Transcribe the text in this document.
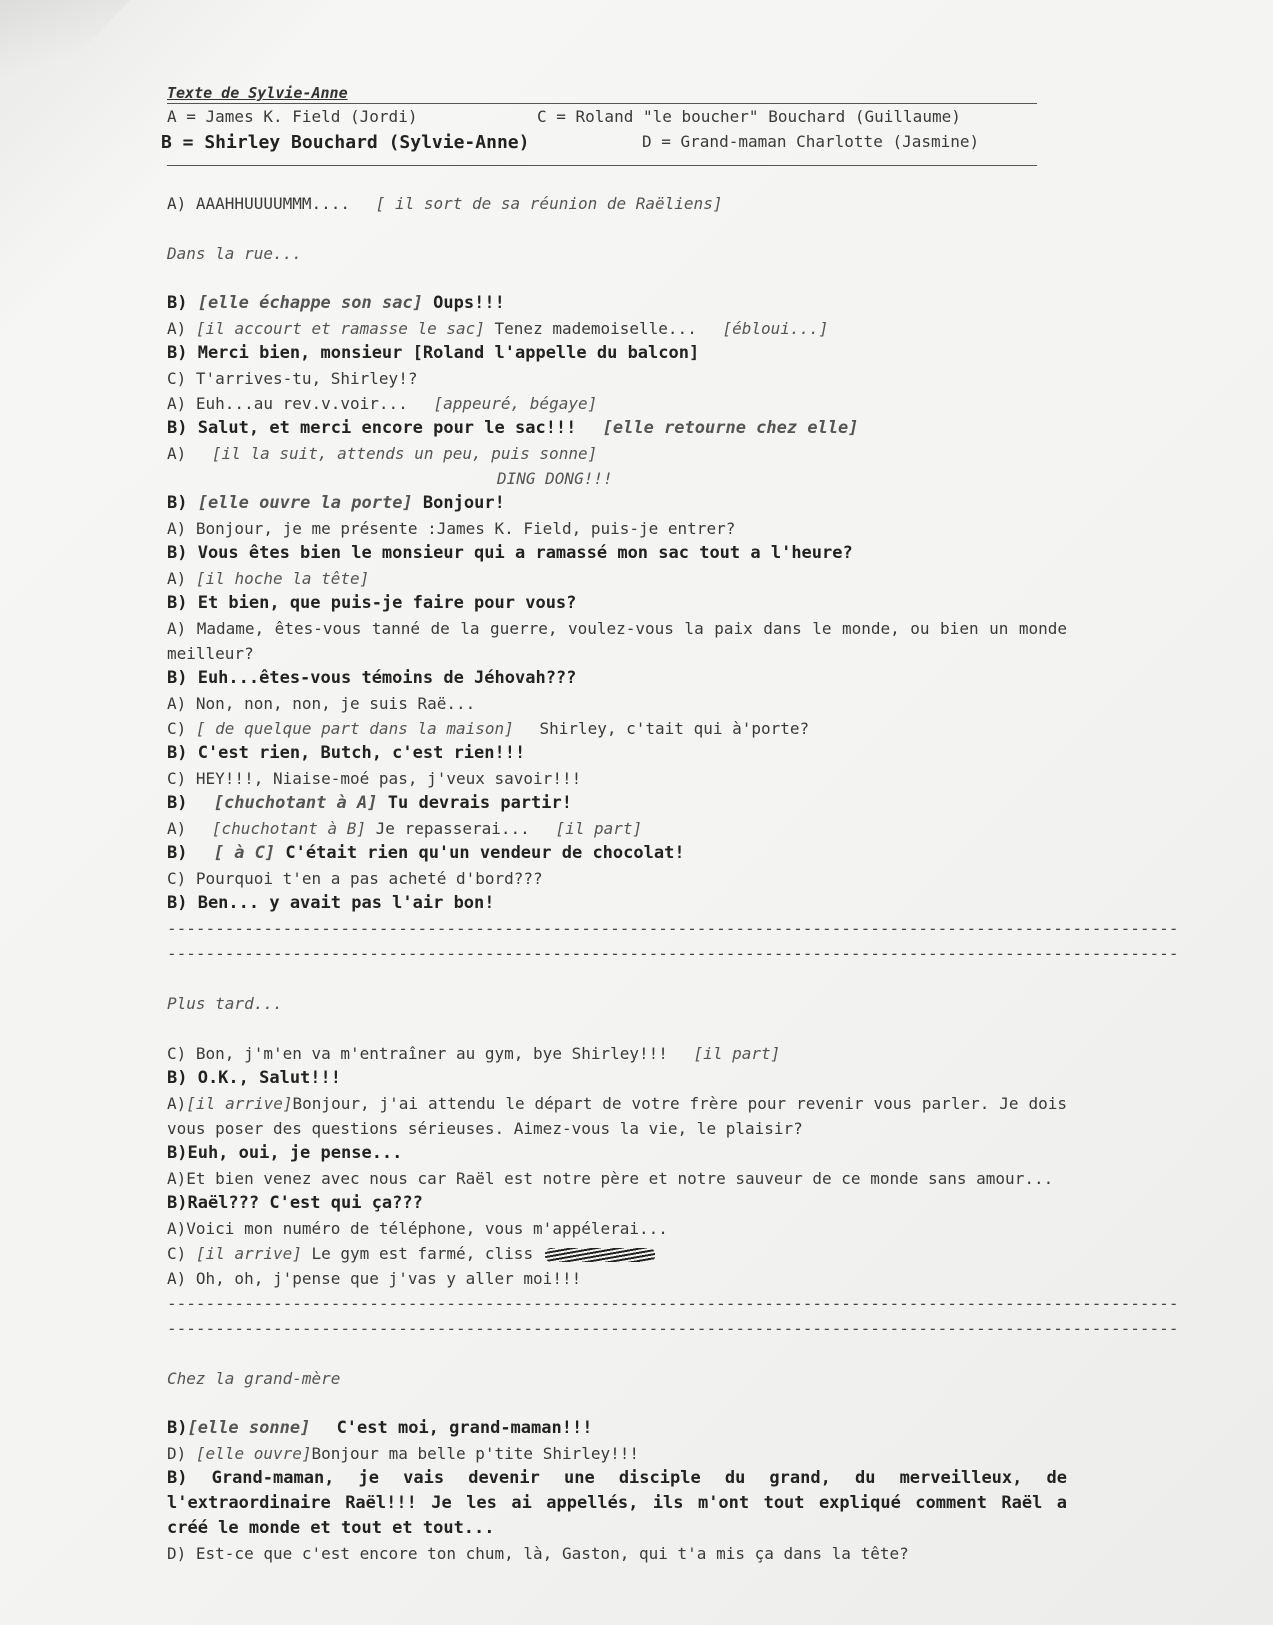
Texte de Sylvie-Anne
A = James K. Field (Jordi)	C = Roland "le boucher" Bouchard (Guillaume)
B = Shirley Bouchard (Sylvie-Anne)	D = Grand-maman Charlotte (Jasmine)
A) AAAHHUUUUMMM.... [ il sort de sa réunion de Raëliens]
Dans la rue...
B) [elle échappe son sac] Oups!!!
A) [il accourt et ramasse le sac] Tenez mademoiselle... [ébloui...]
B) Merci bien, monsieur [Roland l'appelle du balcon]
C) T'arrives-tu, Shirley!?
A) Euh...au rev.v.voir... [appeuré, bégaye]
B) Salut, et merci encore pour le sac!!! [elle retourne chez elle]
A) [il la suit, attends un peu, puis sonne]
DING DONG!!!
B) [elle ouvre la porte] Bonjour!
A) Bonjour, je me présente :James K. Field, puis-je entrer?
B) Vous êtes bien le monsieur qui a ramassé mon sac tout a l'heure?
A) [il hoche la tête]
B) Et bien, que puis-je faire pour vous?
A) Madame, êtes-vous tanné de la guerre, voulez-vous la paix dans le monde, ou bien un monde meilleur?
B) Euh...êtes-vous témoins de Jéhovah???
A) Non, non, non, je suis Raë...
C) [ de quelque part dans la maison] Shirley, c'tait qui à'porte?
B) C'est rien, Butch, c'est rien!!!
C) HEY!!!, Niaise-moé pas, j'veux savoir!!!
B) [chuchotant à A] Tu devrais partir!
A) [chuchotant à B] Je repasserai... [il part]
B) [ à C] C'était rien qu'un vendeur de chocolat!
C) Pourquoi t'en a pas acheté d'bord???
B) Ben... y avait pas l'air bon!
---------------------------------------------------------------------------------------------------------
---------------------------------------------------------------------------------------------------------
Plus tard...
C) Bon, j'm'en va m'entraîner au gym, bye Shirley!!! [il part]
B) O.K., Salut!!!
A)[il arrive]Bonjour, j'ai attendu le départ de votre frère pour revenir vous parler. Je dois vous poser des questions sérieuses. Aimez-vous la vie, le plaisir?
B)Euh, oui, je pense...
A)Et bien venez avec nous car Raël est notre père et notre sauveur de ce monde sans amour...
B)Raël??? C'est qui ça???
A)Voici mon numéro de téléphone, vous m'appélerai...
C) [il arrive] Le gym est farmé, cliss
A) Oh, oh, j'pense que j'vas y aller moi!!!
---------------------------------------------------------------------------------------------------------
---------------------------------------------------------------------------------------------------------
Chez la grand-mère
B)[elle sonne] C'est moi, grand-maman!!!
D) [elle ouvre]Bonjour ma belle p'tite Shirley!!!
B) Grand-maman, je vais devenir une disciple du grand, du merveilleux, de l'extraordinaire Raël!!! Je les ai appellés, ils m'ont tout expliqué comment Raël a créé le monde et tout et tout...
D) Est-ce que c'est encore ton chum, là, Gaston, qui t'a mis ça dans la tête?
